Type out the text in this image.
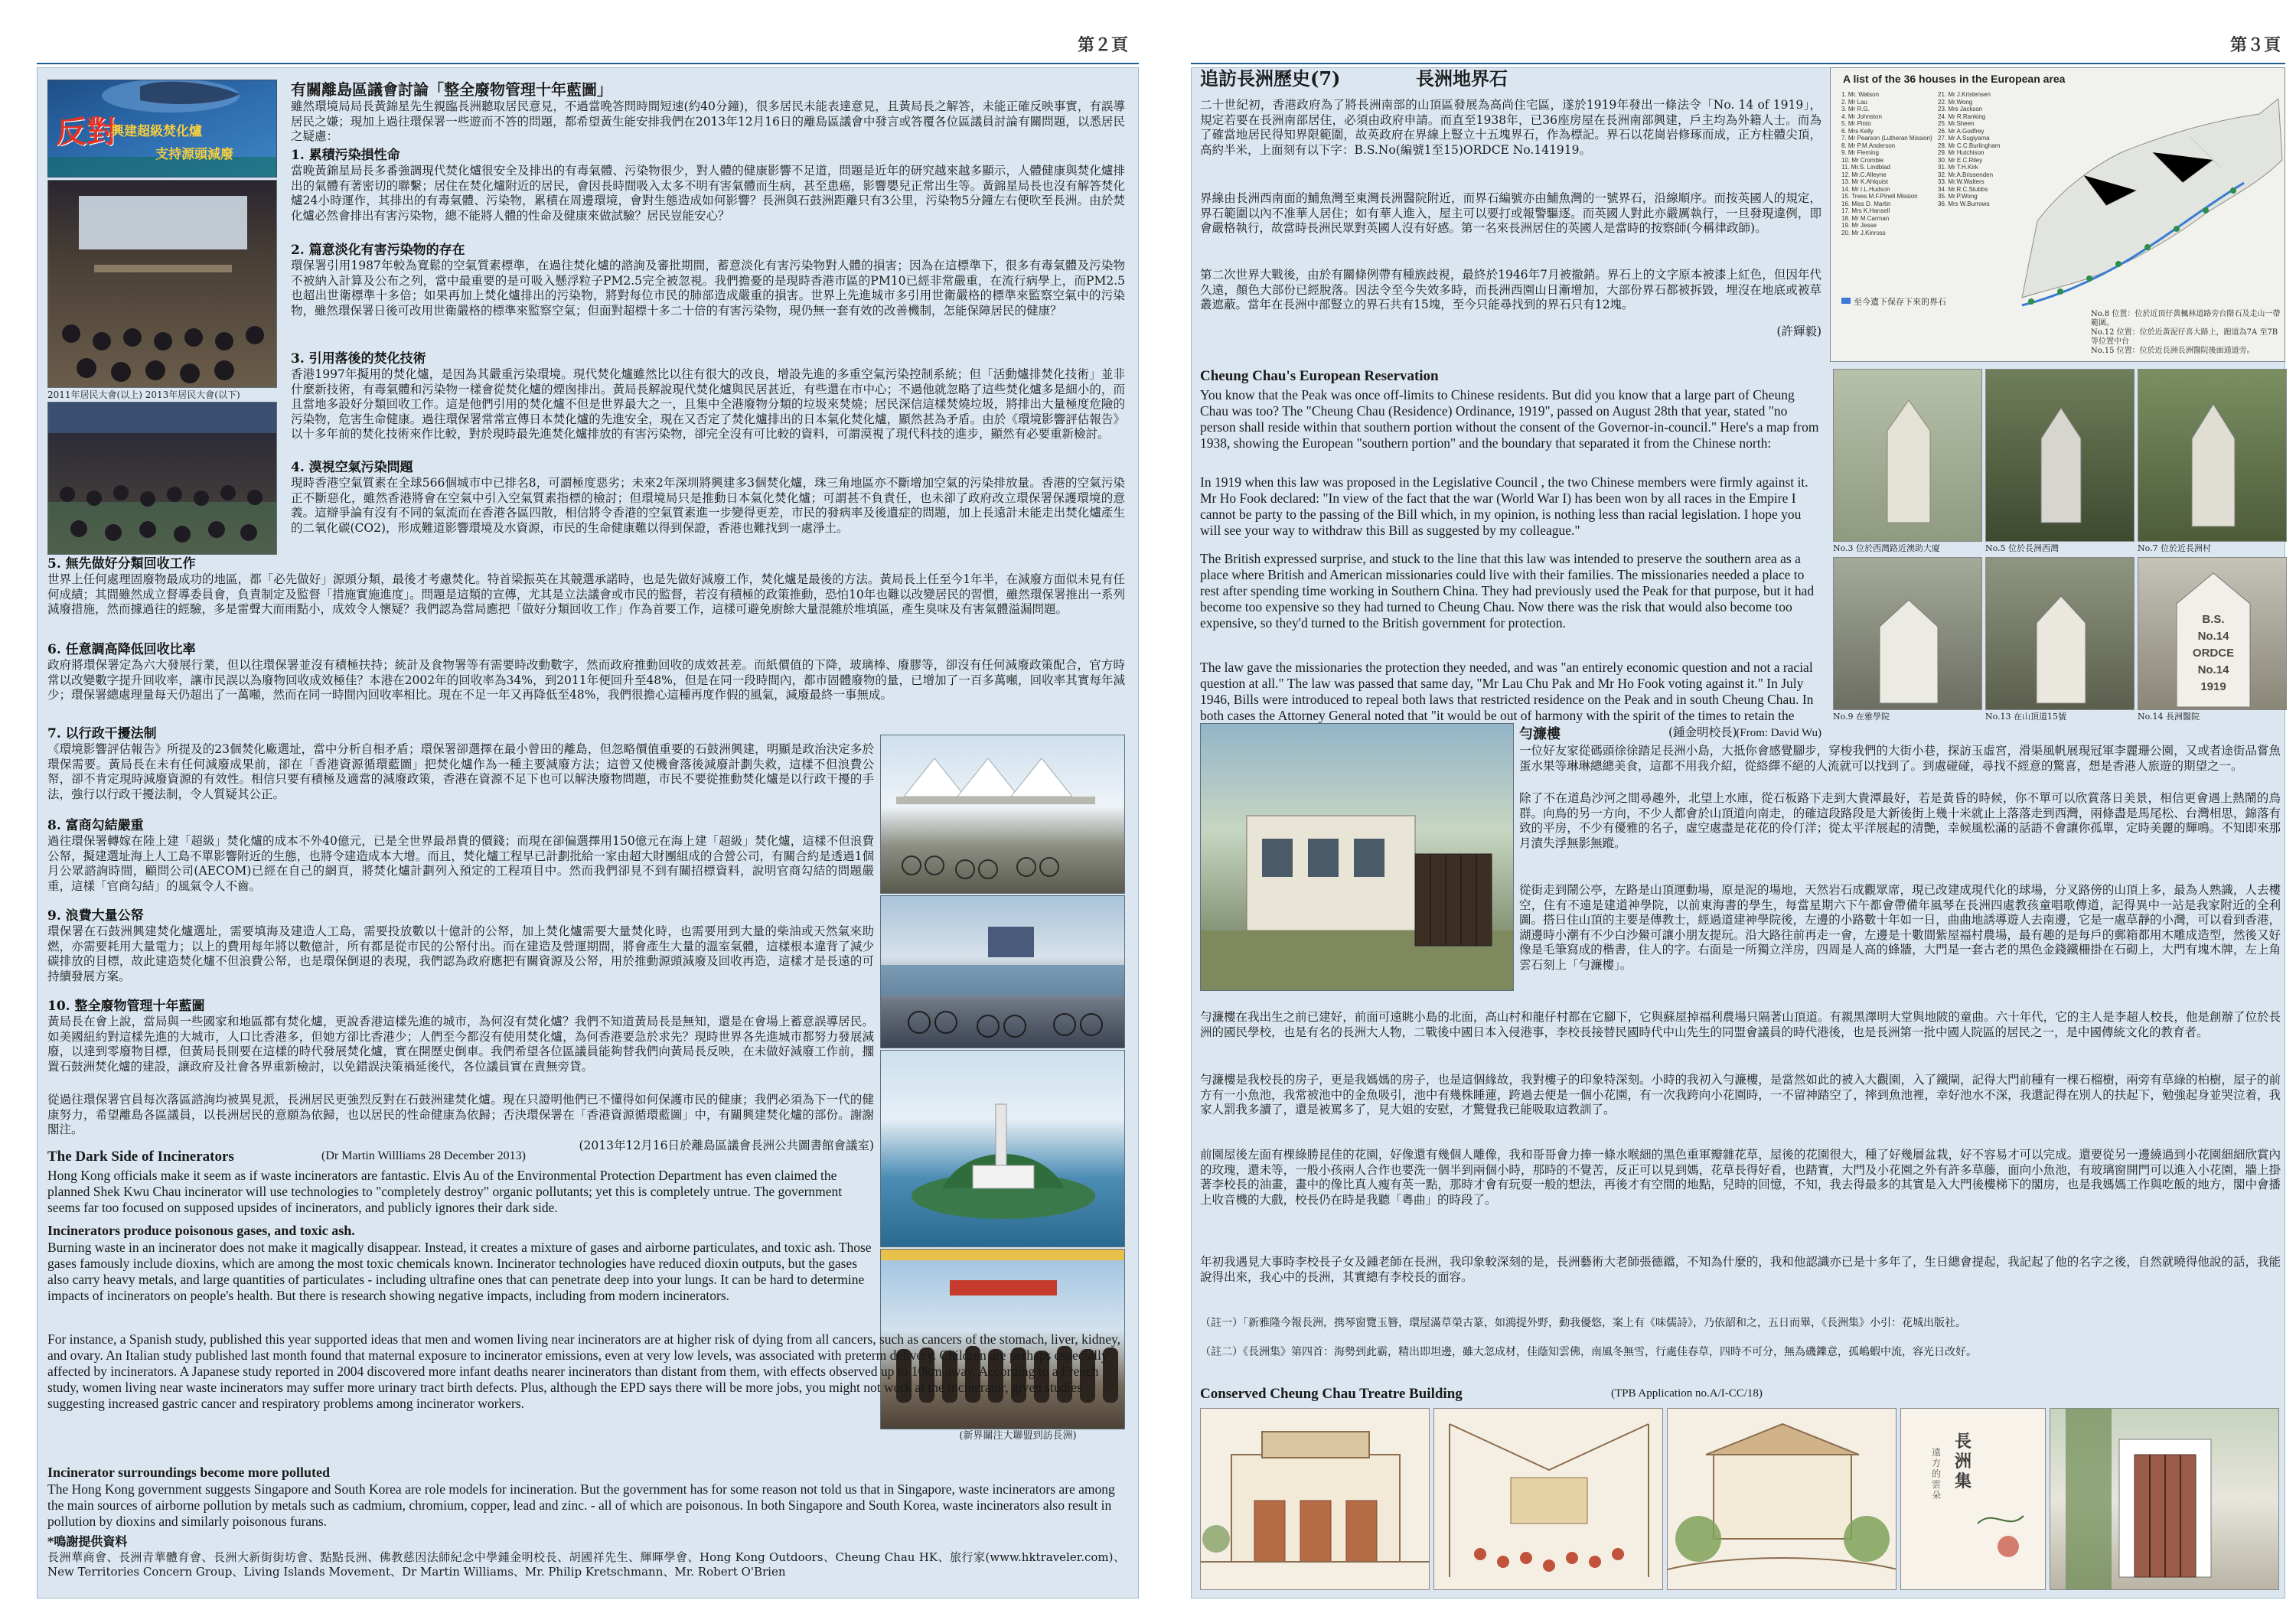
第２頁
反對
興建超級焚化爐
支持源頭減廢
2011年居民大會(以上) 2013年居民大會(以下)
有關離島區議會討論「整全廢物管理十年藍圖」
雖然環境局局長黃錦星先生親臨長洲聽取居民意見，不過當晚答問時間短速(約40分鐘)，很多居民未能表達意見，且黃局長之解答，未能正確反映事實，有誤導居民之嫌；現加上過往環保署一些遊而不答的問題，都希望黃生能安排我們在2013年12月16日的離島區議會中發言或答覆各位區議員討論有關問題，以悉居民之疑慮：
1. 累積污染損性命
當晚黃錦星局長多番強調現代焚化爐很安全及排出的有毒氣體、污染物很少，對人體的健康影響不足道，問題是近年的研究越來越多顯示，人體健康與焚化爐排出的氣體有著密切的聯繫；居住在焚化爐附近的居民，會因長時間吸入太多不明有害氣體而生病，甚至患癌，影響嬰兒正常出生等。黃錦星局長也沒有解答焚化爐24小時運作，其排出的有毒氣體、污染物，累積在周邊環境，會對生態造成如何影響？長洲與石鼓洲距離只有3公里，污染物5分鐘左右便吹至長洲。由於焚化爐必然會排出有害污染物，總不能將人體的性命及健康來做試驗？居民豈能安心？
2. 篇意淡化有害污染物的存在
環保署引用1987年較為寬鬆的空氣質素標準，在過往焚化爐的諮詢及審批期間，蓄意淡化有害污染物對人體的損害；因為在這標準下，很多有毒氣體及污染物不被納入計算及公布之列，當中最重要的是可吸入懸浮粒子PM2.5完全被忽視。我們擔憂的是現時香港市區的PM10已經非常嚴重，在流行病學上，而PM2.5也超出世衛標準十多倍；如果再加上焚化爐排出的污染物，將對每位市民的肺部造成嚴重的損害。世界上先進城市多引用世衛嚴格的標準來監察空氣中的污染物，雖然環保署日後可改用世衛嚴格的標準來監察空氣；但面對超標十多二十倍的有害污染物，現仍無一套有效的改善機制，怎能保障居民的健康？
3. 引用落後的焚化技術
香港1997年擬用的焚化爐，是因為其嚴重污染環境。現代焚化爐雖然比以往有很大的改良，增設先進的多重空氣污染控制系統；但「活動爐排焚化技術」並非什麼新技術，有毒氣體和污染物一樣會從焚化爐的煙囪排出。黃局長解說現代焚化爐與民居甚近，有些還在市中心；不過他就忽略了這些焚化爐多是細小的，而且當地多設好分類回收工作。這是他們引用的焚化爐不但是世界最大之一，且集中全港廢物分類的垃圾來焚燒；居民深信這樣焚燒垃圾，將排出大量極度危險的污染物，危害生命健康。過往環保署常常宣傳日本焚化爐的先進安全，現在又否定了焚化爐排出的日本氣化焚化爐，顯然甚為矛盾。由於《環境影響評估報告》以十多年前的焚化技術來作比較，對於現時最先進焚化爐排放的有害污染物，卻完全沒有可比較的資料，可謂漠視了現代科技的進步，顯然有必要重新檢討。
4. 漠視空氣污染問題
現時香港空氣質素在全球566個城市中已排名8，可謂極度惡劣；未來2年深圳將興建多3個焚化爐，珠三角地區亦不斷增加空氣的污染排放量。香港的空氣污染正不斷惡化，雖然香港將會在空氣中引入空氣質素指標的檢討；但環境局只是推動日本氣化焚化爐；可謂甚不負責任，也未卻了政府改立環保署保護環境的意義。這辯爭論有沒有不同的氣流而在香港各區四散，相信將令香港的空氣質素進一步變得更差，市民的發病率及後遺症的問題，加上長遠計未能走出焚化爐產生的二氧化碳(CO2)，形成難道影響環境及水資源，市民的生命健康難以得到保證，香港也難找到一處淨土。
5. 無先做好分類回收工作
世界上任何處理固廢物最成功的地區，都「必先做好」源頭分類，最後才考慮焚化。特首梁振英在其競選承諾時，也是先做好減廢工作，焚化爐是最後的方法。黃局長上任至今1年半，在減廢方面似未見有任何成績；其間雖然成立督導委員會，負責制定及監督「措施實施進度」。問題是這類的宣傳，尤其是立法議會或市民的監督，若沒有積極的政策推動，恐怕10年也難以改變居民的習慣，雖然環保署推出一系列減廢措施，然而據過往的經驗，多是雷聲大而雨點小，成效令人懷疑？我們認為當局應把「做好分類回收工作」作為首要工作，這樣可避免廚餘大量混雜於堆填區，產生臭味及有害氣體溢漏問題。
6. 任意調高降低回收比率
政府將環保署定為六大發展行業，但以往環保署並沒有積極扶持；統計及食物署等有需要時改動數字，然而政府推動回收的成效甚差。而紙價值的下降，玻璃棒、廢膠等，卻沒有任何減廢政策配合，官方時常以改變數字提升回收率，讓市民誤以為廢物回收成效極佳？本港在2002年的回收率為34%，到2011年便回升至48%，但是在同一段時間內，都市固體廢物的量，已增加了一百多萬噸，回收率其實每年減少；環保署總處理量每天仍超出了一萬噸，然而在同一時間內回收率相比。現在不足一年又再降低至48%，我們很擔心這種再度作假的風氣，減廢最終一事無成。
7. 以行政干擾法制
《環境影響評估報告》所提及的23個焚化廠選址，當中分析自相矛盾；環保署卻選擇在最小曾田的離島，但忽略價值重要的石鼓洲興建，明顯是政治決定多於環保需要。黃局長在未有任何減廢成果前，卻在「香港資源循環藍圖」把焚化爐作為一種主要減廢方法；這曾又使機會落後減廢計劃失救，這樣不但浪費公帑，卻不肯定現時減廢資源的有效性。相信只要有積極及適當的減廢政策，香港在資源不足下也可以解決廢物問題，市民不要從推動焚化爐是以行政干擾的手法，強行以行政干擾法制，令人質疑其公正。
8. 富商勾結嚴重
過往環保署轉嫁在陸上建「超級」焚化爐的成本不外40億元，已是全世界最昂貴的價錢；而現在卻偏選擇用150億元在海上建「超級」焚化爐，這樣不但浪費公帑，擬建選址海上人工島不單影響附近的生態，也將令建造成本大增。而且，焚化爐工程早已計劃批給一家由超大財團組成的合營公司，有關合約是透過1個月公眾諮詢時間，顧問公司(AECOM)已經在自己的網頁，將焚化爐計劃列入預定的工程項目中。然而我們卻見不到有關招標資料，說明官商勾結的問題嚴重，這樣「官商勾結」的風氣令人不齒。
9. 浪費大量公帑
環保署在石鼓洲興建焚化爐選址，需要填海及建造人工島，需要投放數以十億計的公帑，加上焚化爐需要大量焚化時，也需要用到大量的柴油或天然氣來助燃，亦需要耗用大量電力；以上的費用每年將以數億計，所有都是從市民的公帑付出。而在建造及營運期間，將會產生大量的溫室氣體，這樣根本違背了減少碳排放的目標，故此建造焚化爐不但浪費公帑，也是環保倒退的表現，我們認為政府應把有關資源及公帑，用於推動源頭減廢及回收再造，這樣才是長遠的可持續發展方案。
10. 整全廢物管理十年藍圖
黃局長在會上說，當局與一些國家和地區都有焚化爐，更說香港這樣先進的城市，為何沒有焚化爐？我們不知道黃局長是無知，還是在會場上蓄意誤導居民。如美國紐約對這樣先進的大城市，人口比香港多，但她方卻比香港少；人們至今都沒有使用焚化爐，為何香港要急於求先？現時世界各先進城市都努力發展減廢，以達到零廢物目標，但黃局長則要在這樣的時代發展焚化爐，實在開歷史倒車。我們希望各位區議員能夠替我們向黃局長反映，在未做好減廢工作前，擱置石鼓洲焚化爐的建設，讓政府及社會各界重新檢討，以免錯誤決策禍延後代，各位議員實在責無旁貸。
從過往環保署官員每次落區諮詢均被異見派，長洲居民更強烈反對在石鼓洲建焚化爐。現在只證明他們已不懂得如何保護市民的健康；我們必須為下一代的健康努力，希望離島各區議員，以長洲居民的意願為依歸，也以居民的性命健康為依歸；否決環保署在「香港資源循環藍圖」中，有關興建焚化爐的部份。謝謝閣注。
(2013年12月16日於離島區議會長洲公共圖書館會議室)
(新界關注大聯盟到訪長洲)
The Dark Side of Incinerators	(Dr Martin Willliams 28 December 2013)
Hong Kong officials make it seem as if waste incinerators are fantastic. Elvis Au of the Environmental Protection Department has even claimed the planned Shek Kwu Chau incinerator will use technologies to "completely destroy" organic pollutants; yet this is completely untrue. The government seems far too focused on supposed upsides of incinerators, and publicly ignores their dark side.
Incinerators produce poisonous gases, and toxic ash.
Burning waste in an incinerator does not make it magically disappear. Instead, it creates a mixture of gases and airborne particulates, and toxic ash. Those gases famously include dioxins, which are among the most toxic chemicals known. Incinerator technologies have reduced dioxin outputs, but the gases also carry heavy metals, and large quantities of particulates - including ultrafine ones that can penetrate deep into your lungs. It can be hard to determine impacts of incinerators on people's health. But there is research showing negative impacts, including from modern incinerators.
For instance, a Spanish study, published this year supported ideas that men and women living near incinerators are at higher risk of dying from all cancers, such as cancers of the stomach, liver, kidney, and ovary. An Italian study published last month found that maternal exposure to incinerator emissions, even at very low levels, was associated with preterm delivery. Children are perhaps especially affected by incinerators. A Japanese study reported in 2004 discovered more infant deaths nearer incinerators than distant from them, with effects observed up to 10km away. According to a French study, women living near waste incinerators may suffer more urinary tract birth defects. Plus, although the EPD says there will be more jobs, you might not work at the incinerator, given studies suggesting increased gastric cancer and respiratory problems among incinerator workers.
Incinerator surroundings become more polluted
The Hong Kong government suggests Singapore and South Korea are role models for incineration. But the government has for some reason not told us that in Singapore, waste incinerators are among the main sources of airborne pollution by metals such as cadmium, chromium, copper, lead and zinc. - all of which are poisonous. In both Singapore and South Korea, waste incinerators also result in pollution by dioxins and similarly poisonous furans.
*鳴謝提供資料
長洲華商會、長洲青華體育會、長洲大新街街坊會、點點長洲、佛教慈因法師紀念中學鍾金明校長、胡國祥先生、輝暉學會、Hong Kong Outdoors、Cheung Chau HK、旅行家(www.hktraveler.com)、New Territories Concern Group、Living Islands Movement、Dr Martin Williams、Mr. Philip Kretschmann、Mr. Robert O'Brien
第３頁
追訪長洲歷史(7)	長洲地界石
二十世紀初，香港政府為了將長洲南部的山頂區發展為高尚住宅區，遂於1919年發出一條法令「No. 14 of 1919」，規定若要在長洲南部居住，必須由政府申請。而直至1938年，已36座房屋在長洲南部興建，戶主均為外籍人士。而為了確當地居民得知界限範圍，故英政府在界線上豎立十五塊界石，作為標記。界石以花崗岩修琢而成，正方柱體尖頂，高約半米，上面刻有以下字：B.S.No(編號1至15)ORDCE No.141919。
界線由長洲西南面的鯆魚灣至東灣長洲醫院附近，而界石編號亦由鯆魚灣的一號界石，沿線順序。而按英國人的規定，界石範圍以內不准華人居住；如有華人進入，屋主可以要打或報警驅逐。而英國人對此亦嚴厲執行，一旦發現違例，即會嚴格執行，故當時長洲民眾對英國人沒有好感。第一名來長洲居住的英國人是當時的按察師(今稱律政師)。
第二次世界大戰後，由於有關條例帶有種族歧視，最終於1946年7月被撤銷。界石上的文字原本被漆上紅色，但因年代久遠，顏色大部份已經脫落。因法令至今失效多時，而長洲西園山日漸增加，大部份界石都被拆毀，埋沒在地底或被草叢遮蔽。當年在長洲中部豎立的界石共有15塊，至今只能尋找到的界石只有12塊。
(許輝毅)
A list of the 36 houses in the European area
1. Mr. Watson
2. Mr Lau
3. Mr R.G.
4. Mr Johnston
5. Mr Pinto
6. Mrs Kelly
7. Mr Pearson (Lutheran Mission)
8. Mr P.M.Anderson
9. Mr Fleming
10. Mr Crombie
11. Mr.S. Lindblad
12. Mr.C.Alleyne
13. Mr K.Ahlquist
14. Mr I.L.Hudson
15. Trees M.F.Pinell Mission
16. Miss D. Martin
17. Mrs K.Hansell
18. Mr M.Carman
19. Mr Jesse
20. Mr J.Kinross
21. Mr J.Kristensen
22. Mr.Wong
23. Mrs Jackson
24. Mr R.Ranking
25. Mr.Sheen
26. Mr A.Godfrey
27. Mr A.Sugiyama
28. Mr C.C.Burlingham
29. Mr Hutchison
30. Mr E.C.Riley
31. Mr T.H.Kirk
32. Mr.A.Brissenden
33. Mr.W.Walters
34. Mr.R.C.Stubbs
35. Mr.P.Wong
36. Mrs W.Burrows
至今遺下保存下來的界石
No.8 位置：位於近頂仔黃楓林道路旁台階石及走山一帶範圍。
No.12 位置：位於近黃泥仔喜大路上，跑道為7A 至7B等位置中台
No.15 位置：位於近長洲長洲醫院後面通道旁。
Cheung Chau's European Reservation
You know that the Peak was once off-limits to Chinese residents. But did you know that a large part of Cheung Chau was too? The "Cheung Chau (Residence) Ordinance, 1919", passed on August 28th that year, stated "no person shall reside within that southern portion without the consent of the Governor-in-council." Here's a map from 1938, showing the European "southern portion" and the boundary that separated it from the Chinese north:
In 1919 when this law was proposed in the Legislative Council , the two Chinese members were firmly against it. Mr Ho Fook declared: "In view of the fact that the war (World War I) has been won by all races in the Empire I cannot be party to the passing of the Bill which, in my opinion, is nothing less than racial legislation. I hope you will see your way to withdraw this Bill as suggested by my colleague."
The British expressed surprise, and stuck to the line that this law was intended to preserve the southern area as a place where British and American missionaries could live with their families. The missionaries needed a place to rest after spending time working in Southern China. They had previously used the Peak for that purpose, but it had become too expensive so they had turned to Cheung Chau. Now there was the risk that would also become too expensive, so they'd turned to the British government for protection.
The law gave the missionaries the protection they needed, and was "an entirely economic question and not a racial question at all." The law was passed that same day, "Mr Lau Chu Pak and Mr Ho Fook voting against it." In July 1946, Bills were introduced to repeal both laws that restricted residence on the Peak and in south Cheung Chau. In both cases the Attorney General noted that "it would be out of harmony with the spirit of the times to retain the
(From: David Wu)
No.3 位於西灣路近澳助大廈	No.5 位於長洲西灣	No.7 位於近長洲村
No.9 在雅學院	No.13 在山頂道15號
B.S.
No.14
ORDCE
No.14
1919
No.14 長洲醫院
勻濂樓	(鍾金明校長)
一位好友家從碼頭徐徐踏足長洲小島，大抵你會感覺腳步，穿梭我們的大街小巷，探訪玉虛宮，滑渠風帆展現冠軍李麗珊公園，又或者途街品嘗魚蛋水果等琳琳總總美食，這都不用我介紹，從絡繹不絕的人流就可以找到了。到處碰碰，尋找不經意的驚喜，想是香港人旅遊的期望之一。
除了不在道島沙河之間尋趣外，北望上水庫，從石板路下走到大貴潭最好，若是黃昏的時候，你不單可以欣賞落日美景，相信更會遇上熱鬧的鳥群。向鳥的另一方向，不少人都會於山頂道向南走，的確這段路段是大新後街上幾十米就止上落落走到西灣，兩條盡是馬尾松、台灣相思，錦落有致的平房，不少有優雅的名子，虛空處盡是花花的伶仃洋；從太平洋展起的清艷，幸候風松滿的話語不會讓你孤單，定時美麗的輝鳴。不知即來那月漬失浮無影無蹤。
從街走到鬧公亭，左路是山頂運動場，原是泥的場地，天然岩石成觀眾席，現已改建成現代化的球場，分叉路傍的山頂上多，最為人熟識，人去樓空，住有不遠是建道神學院，以前東海書的學生，每當星期六下午都會帶備年風琴在長洲四處教孩童唱歌傳道，記得異中一站是我家附近的全利圖。搭日住山頂的主要是傳教士，經過道建神學院後，左邊的小路數十年如一日，曲曲地誘導遊人去南邊，它是一處草靜的小灣，可以看到香港，湖邊時小潮有不少白沙鱟可讓小朋友提玩。沿大路往前再走一會，左邊是十數間紫屋福村農場，最有趣的是每戶的郵箱都用木雕成造型，然後又好像是毛筆寫成的楷書，住人的字。右面是一所獨立洋房，四周是人高的蜂牆，大門是一套古老的黑色金錢鐵柵掛在石砌上，大門有塊木牌，左上角雲石刻上「勻濂樓」。
勻濂樓在我出生之前已建好，前面可遠眺小島的北面，高山村和龍仔村都在它腳下，它與蘇屋掉福利農場只隔著山頂道。有親黑澤明大堂與地陂的童曲。六十年代，它的主人是李超人校長，他是創辦了位於長洲的國民學校，也是有名的長洲大人物，二戰後中國日本入侵港事，李校長接替民國時代中山先生的同盟會議員的時代港後，也是長洲第一批中國人院區的居民之一，是中國傳統文化的教育者。
勻濂樓是我校長的房子，更是我媽媽的房子，也是這個緣故，我對樓子的印象特深刻。小時的我初入勻濂樓，是當然如此的被入大觀園，入了鐵閘，記得大門前種有一棵石榴樹，兩旁有草綠的柏樹，屋子的前方有一小魚池，我常被池中的金魚吸引，池中有幾株睡蓮，跨過去便是一個小花園，有一次我跨向小花園時，一不留神踏空了，摔到魚池裡，幸好池水不深，我還記得在別人的扶起下，勉強起身並哭泣着，我家人罰我多讀了，還是被罵多了，見大姐的安慰，才驚覺我已能吸取這教訓了。
前園屋後左面有棵綠勝昆佳的花園，好像還有幾個人雕像，我和哥哥會力捧一條水喉細的黑色重軍瓣雜花草，屋後的花園很大，種了好幾層盆栽，好不容易才可以完成。還要從另一邊繞過到小花園細細欣賞內的玫瑰，還未等，一般小孩兩人合作也要洗一個半到兩個小時，那時的不覺苦，反正可以見到媽，花草長得好看，也踏實，大門及小花園之外有許多草藤，面向小魚池，有玻璃窗開門可以進入小花園，牆上掛著李校長的油畫，畫中的像比真人瘦有英一點，那時才會有玩耍一般的想法，再後才有空間的地點，兒時的回憶，不知，我去得最多的其實是入大門後樓梯下的閣房，也是我媽媽工作與吃飯的地方，閣中會播上收音機的大戲，校長仍在時是我聽「粵曲」的時段了。
年初我遇見大事時李校長子女及鍾老師在長洲，我印象較深刻的是，長洲藝術大老師張德鐺，不知為什麼的，我和他認識亦已是十多年了，生日總會提起，我記起了他的名字之後，自然就曉得他說的話，我能說得出來，我心中的長洲，其實總有李校長的面容。
（註一）「新雅隆今報長洲，携琴窗覽玉簪，環屋滿草榮古篆，如鴻提外野，動我優悠，案上有《味儒詩》，乃依韶和之，五日而畢，《長洲集》小引：花城出版社。
（註二）《長洲集》第四首：海勢到此霸，精出即坦邊，雖大忽成材，佳蔭知雲佛，南風冬無雪，行處佳春草，四時不可分，無為磯鑠意，孤嶋蝦中流，容光日改好。
Conserved Cheung Chau Treatre Building	(TPB Application no.A/I-CC/18)
長洲集
遠方的雲朵
